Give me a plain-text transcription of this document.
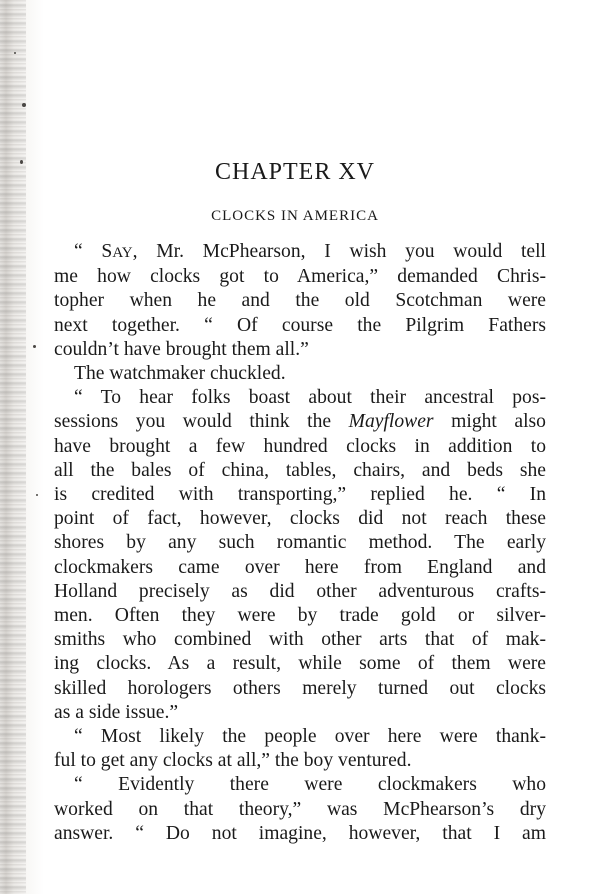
CHAPTER XV
CLOCKS IN AMERICA
“ SAY, Mr. McPhearson, I wish you would tell
me how clocks got to America,” demanded Chris-
topher when he and the old Scotchman were
next together. “ Of course the Pilgrim Fathers
couldn’t have brought them all.”
The watchmaker chuckled.
“ To hear folks boast about their ancestral pos-
sessions you would think the Mayflower might also
have brought a few hundred clocks in addition to
all the bales of china, tables, chairs, and beds she
is credited with transporting,” replied he. “ In
point of fact, however, clocks did not reach these
shores by any such romantic method. The early
clockmakers came over here from England and
Holland precisely as did other adventurous crafts-
men. Often they were by trade gold or silver-
smiths who combined with other arts that of mak-
ing clocks. As a result, while some of them were
skilled horologers others merely turned out clocks
as a side issue.”
“ Most likely the people over here were thank-
ful to get any clocks at all,” the boy ventured.
“ Evidently there were clockmakers who
worked on that theory,” was McPhearson’s dry
answer. “ Do not imagine, however, that I am
